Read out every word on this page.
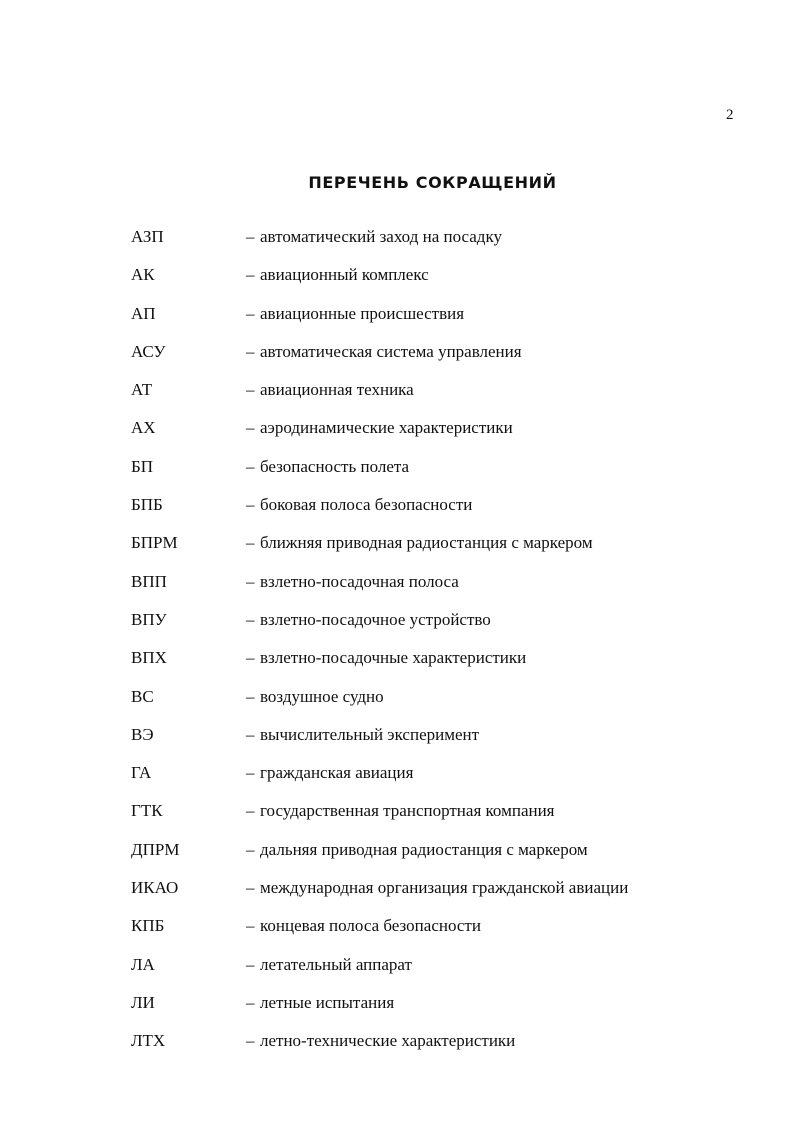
2
ПЕРЕЧЕНЬ СОКРАЩЕНИЙ
АЗП	– автоматический заход на посадку
АК	– авиационный комплекс
АП	– авиационные происшествия
АСУ	– автоматическая система управления
АТ	– авиационная техника
АХ	– аэродинамические характеристики
БП	– безопасность полета
БПБ	– боковая полоса безопасности
БПРМ	– ближняя приводная радиостанция с маркером
ВПП	– взлетно-посадочная полоса
ВПУ	– взлетно-посадочное устройство
ВПХ	– взлетно-посадочные характеристики
ВС	– воздушное судно
ВЭ	– вычислительный эксперимент
ГА	– гражданская авиация
ГТК	– государственная транспортная компания
ДПРМ	– дальняя приводная радиостанция с маркером
ИКАО	– международная организация гражданской авиации
КПБ	– концевая полоса безопасности
ЛА	– летательный аппарат
ЛИ	– летные испытания
ЛТХ	– летно-технические характеристики
